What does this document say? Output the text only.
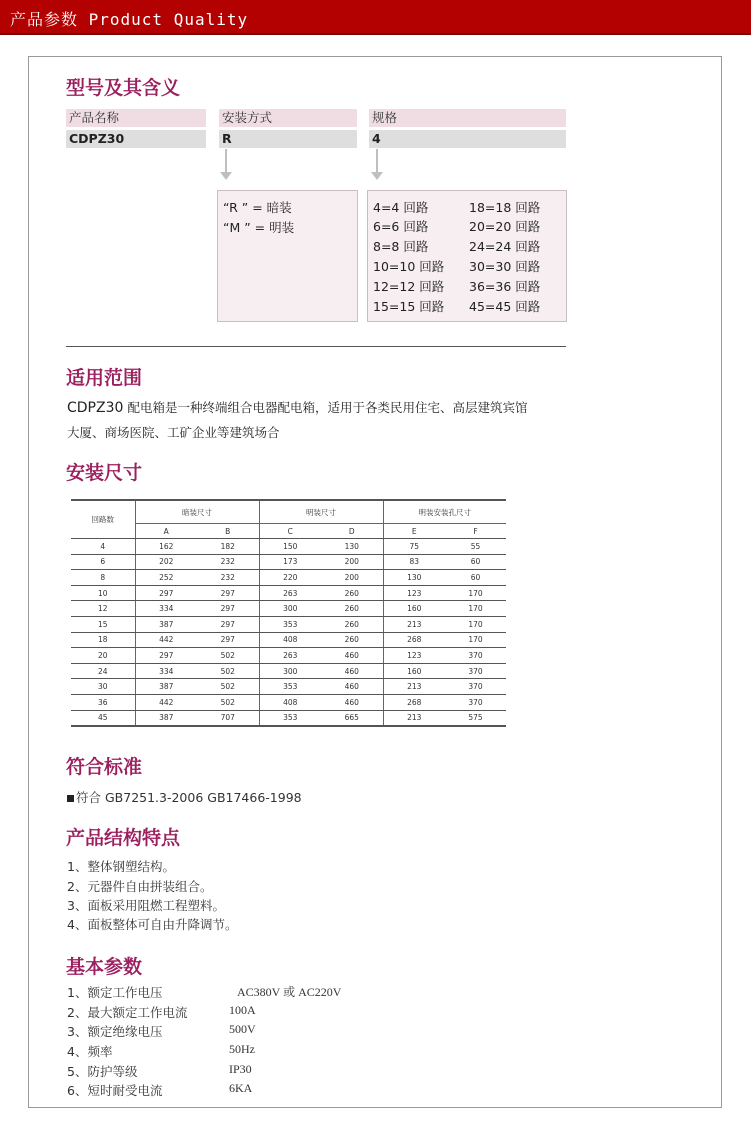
产品参数 Product Quality
型号及其含义
产品名称
CDPZ30
安装方式
R
规格
4
“R ” = 暗装
“M ” = 明装
4=4 回路
6=6 回路
8=8 回路
10=10 回路
12=12 回路
15=15 回路
18=18 回路
20=20 回路
24=24 回路
30=30 回路
36=36 回路
45=45 回路
适用范围
CDPZ30 配电箱是一种终端组合电器配电箱，适用于各类民用住宅、高层建筑宾馆
大厦、商场医院、工矿企业等建筑场合
安装尺寸
回路数	暗装尺寸		明装尺寸		明装安装孔尺寸	
	A	B	C	D	E	F
4	162	182	150	130	75	55
6	202	232	173	200	83	60
8	252	232	220	200	130	60
10	297	297	263	260	123	170
12	334	297	300	260	160	170
15	387	297	353	260	213	170
18	442	297	408	260	268	170
20	297	502	263	460	123	370
24	334	502	300	460	160	370
30	387	502	353	460	213	370
36	442	502	408	460	268	370
45	387	707	353	665	213	575
符合标准
符合 GB7251.3-2006 GB17466-1998
产品结构特点
1、整体钢塑结构。
2、元器件自由拼装组合。
3、面板采用阻燃工程塑料。
4、面板整体可自由升降调节。
基本参数
1、额定工作电压	AC380V 或 AC220V
2、最大额定工作电流	100A
3、额定绝缘电压	500V
4、频率	50Hz
5、防护等级	IP30
6、短时耐受电流	6KA
